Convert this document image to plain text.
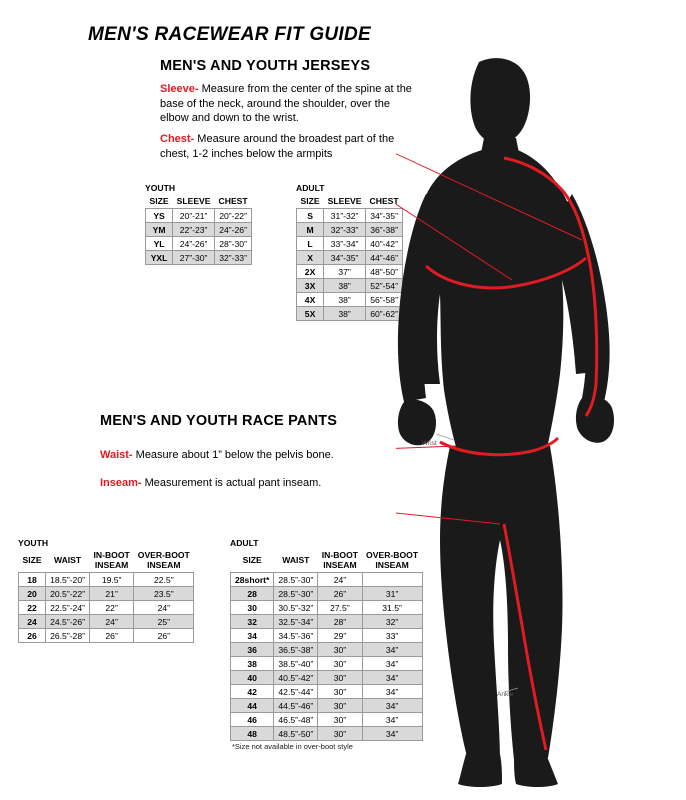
MEN'S RACEWEAR FIT GUIDE
MEN'S AND YOUTH JERSEYS
Sleeve- Measure from the center of the spine at the base of the neck, around the shoulder, over the elbow and down to the wrist.
Chest- Measure around the broadest part of the chest, 1-2 inches below the armpits
MEN'S AND YOUTH RACE PANTS
Waist- Measure about 1” below the pelvis bone.
Inseam- Measurement is actual pant inseam.
YOUTH
SIZE	SLEEVE	CHEST
YS	20”-21”	20”-22”
YM	22”-23”	24”-26”
YL	24”-26”	28”-30”
YXL	27”-30”	32”-33”
ADULT
SIZE	SLEEVE	CHEST
S	31”-32”	34”-35”
M	32”-33”	36”-38”
L	33”-34”	40”-42”
X	34”-35”	44”-46”
2X	37”	48”-50”
3X	38”	52”-54”
4X	38”	56”-58”
5X	38”	60”-62”
YOUTH
SIZE	WAIST	IN-BOOT
INSEAM	OVER-BOOT
INSEAM
18	18.5”-20”	19.5”	22.5”
20	20.5”-22”	21”	23.5”
22	22.5”-24”	22”	24”
24	24.5”-26”	24”	25”
26	26.5”-28”	26”	26”
ADULT
SIZE	WAIST	IN-BOOT
INSEAM	OVER-BOOT
INSEAM
28short*	28.5”-30”	24”	
28	28.5”-30”	26”	31”
30	30.5”-32”	27.5”	31.5”
32	32.5”-34”	28”	32”
34	34.5”-36”	29”	33”
36	36.5”-38”	30”	34”
38	38.5”-40”	30”	34”
40	40.5”-42”	30”	34”
42	42.5”-44”	30”	34”
44	44.5”-46”	30”	34”
46	46.5”-48”	30”	34”
48	48.5”-50”	30”	34”
*Size not available in over-boot style
Wrist
Ankle
